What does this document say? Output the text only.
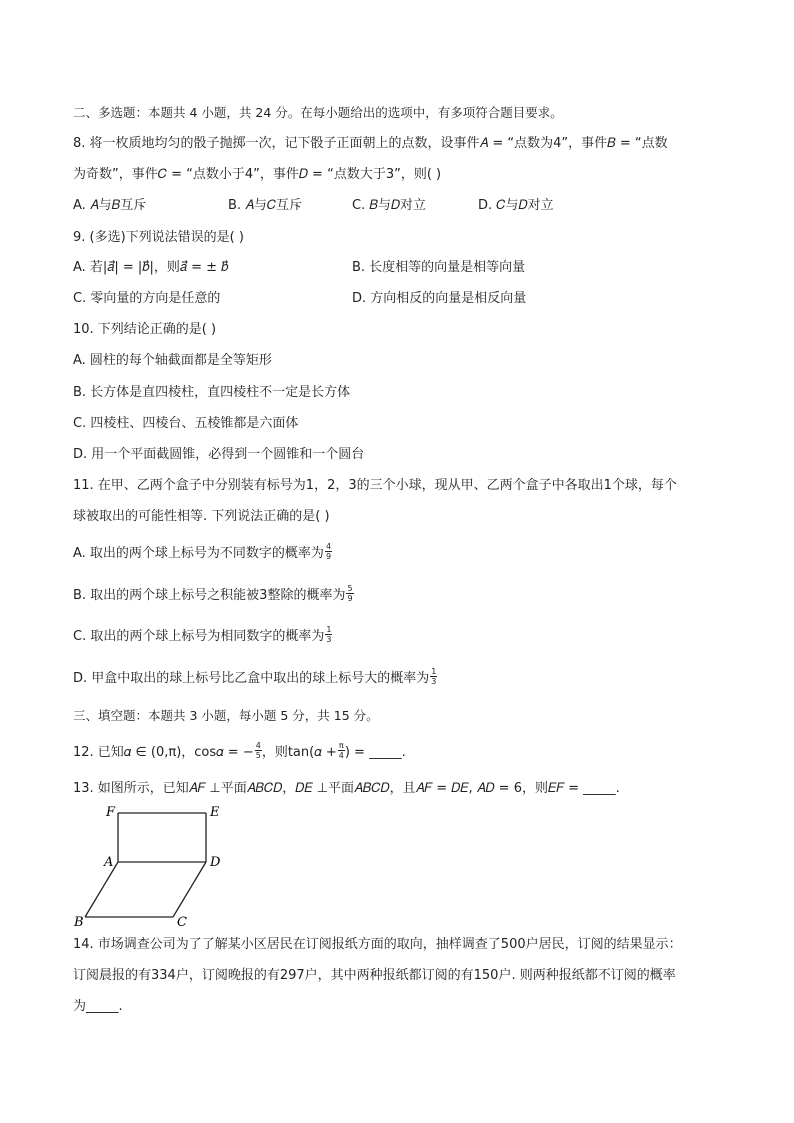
二、多选题：本题共 4 小题，共 24 分。在每小题给出的选项中，有多项符合题目要求。
8. 将一枚质地均匀的骰子抛掷一次，记下骰子正面朝上的点数，设事件𝐴 = “点数为4”，事件𝐵 = “点数
为奇数”，事件𝐶 = “点数小于4”，事件𝐷 = “点数大于3”，则( )
A. 𝐴与𝐵互斥	B. 𝐴与𝐶互斥	C. 𝐵与𝐷对立	D. 𝐶与𝐷对立
9. (多选)下列说法错误的是( )
A. 若|𝑎⃗| = |𝑏⃗|，则𝑎⃗ = ± 𝑏⃗	B. 长度相等的向量是相等向量
C. 零向量的方向是任意的	D. 方向相反的向量是相反向量
10. 下列结论正确的是( )
A. 圆柱的每个轴截面都是全等矩形
B. 长方体是直四棱柱，直四棱柱不一定是长方体
C. 四棱柱、四棱台、五棱锥都是六面体
D. 用一个平面截圆锥，必得到一个圆锥和一个圆台
11. 在甲、乙两个盒子中分别装有标号为1，2，3的三个小球，现从甲、乙两个盒子中各取出1个球，每个
球被取出的可能性相等. 下列说法正确的是( )
A. 取出的两个球上标号为不同数字的概率为 $\frac{4}{9}$
B. 取出的两个球上标号之积能被3整除的概率为 $\frac{5}{9}$
C. 取出的两个球上标号为相同数字的概率为 $\frac{1}{3}$
D. 甲盒中取出的球上标号比乙盒中取出的球上标号大的概率为 $\frac{1}{3}$
三、填空题：本题共 3 小题，每小题 5 分，共 15 分。
12. 已知𝛼 ∈ (0,π)，cos𝛼 = − $\frac{4}{5}$ ，则tan(𝛼 + $\frac{\pi}{4}$ ) = _____.
13. 如图所示，已知𝐴𝐹 ⊥平面𝐴𝐵𝐶𝐷，𝐷𝐸 ⊥平面𝐴𝐵𝐶𝐷，且𝐴𝐹 = 𝐷𝐸, 𝐴𝐷 = 6，则𝐸𝐹 = _____.
F	E
A	D
B	C
14. 市场调查公司为了了解某小区居民在订阅报纸方面的取向，抽样调查了500户居民，订阅的结果显示：
订阅晨报的有334户，订阅晚报的有297户，其中两种报纸都订阅的有150户. 则两种报纸都不订阅的概率
为_____.
